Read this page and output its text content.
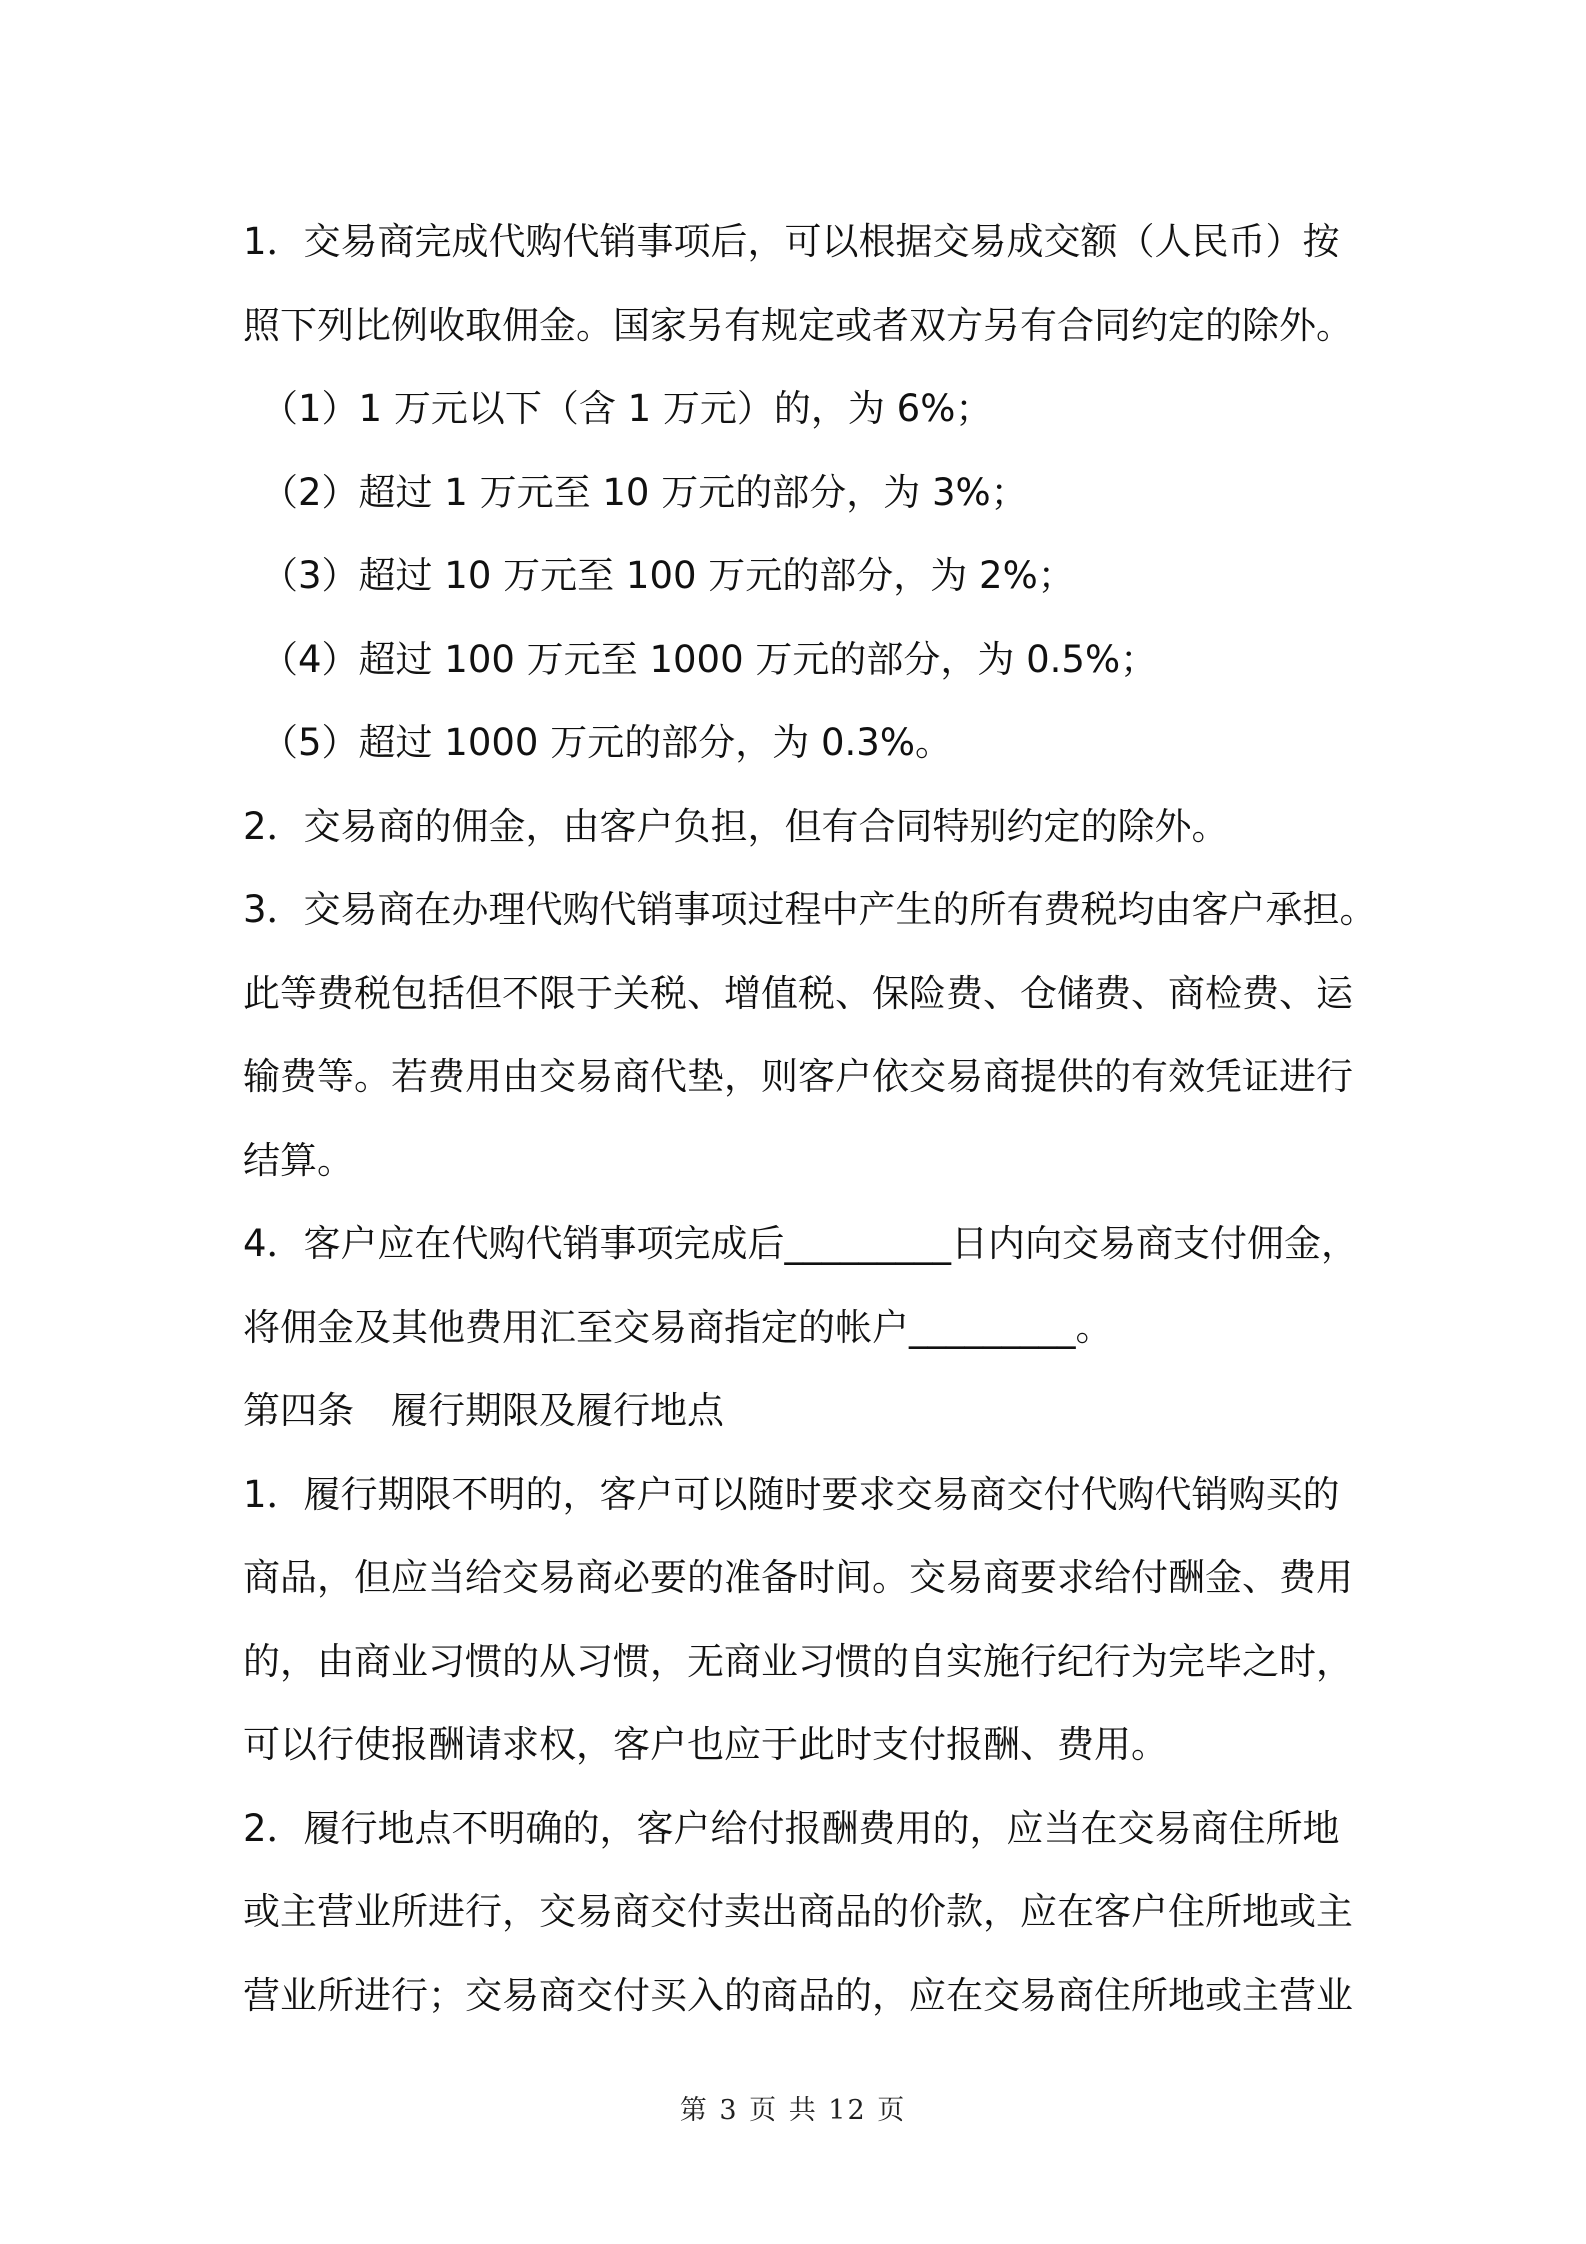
1．交易商完成代购代销事项后，可以根据交易成交额（人民币）按
照下列比例收取佣金。国家另有规定或者双方另有合同约定的除外。
（1）1 万元以下（含 1 万元）的，为 6%；
（2）超过 1 万元至 10 万元的部分，为 3%；
（3）超过 10 万元至 100 万元的部分，为 2%；
（4）超过 100 万元至 1000 万元的部分，为 0.5%；
（5）超过 1000 万元的部分，为 0.3%。
2．交易商的佣金，由客户负担，但有合同特别约定的除外。
3．交易商在办理代购代销事项过程中产生的所有费税均由客户承担。
此等费税包括但不限于关税、增值税、保险费、仓储费、商检费、运
输费等。若费用由交易商代垫，则客户依交易商提供的有效凭证进行
结算。
4．客户应在代购代销事项完成后_________日内向交易商支付佣金，
将佣金及其他费用汇至交易商指定的帐户_________。
第四条　履行期限及履行地点
1．履行期限不明的，客户可以随时要求交易商交付代购代销购买的
商品，但应当给交易商必要的准备时间。交易商要求给付酬金、费用
的，由商业习惯的从习惯，无商业习惯的自实施行纪行为完毕之时，
可以行使报酬请求权，客户也应于此时支付报酬、费用。
2．履行地点不明确的，客户给付报酬费用的，应当在交易商住所地
或主营业所进行，交易商交付卖出商品的价款，应在客户住所地或主
营业所进行；交易商交付买入的商品的，应在交易商住所地或主营业
第 3 页 共 12 页
